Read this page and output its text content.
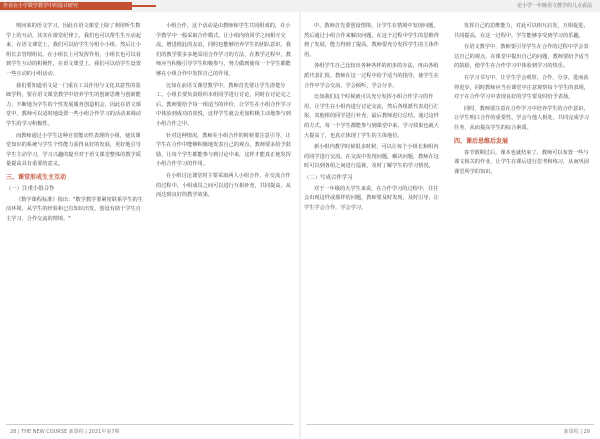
作业在小学数学教学中的设计研究	论小学一年级语文教学的几点看法

则问某的语文学习，因此在语文课堂上除了利用听生数学上的互动，其实在课堂纪律上，我们也可以帮生生互动起来，在语文课堂上，我们可以给学生分组小小组，然后让小组长去管理组员。在小组长上可发挥作用，小组长也可以看到学生互动的积极性，在语文课堂上，我们可以给学生设置一些互动的小组活动。

我们要知道语文是一门重在工具作用与文化其意性的基础学科，要在语文课堂教学中培养学生的创新思维与创新能力，不断地为学生的个性发展服务创造机会，因此在语文课堂中，教师可以适时地设置一些小组合作学习的活动来调动学生的学习积极性。

而教师通过小学生这种自觉能动性表现的小组，使其课堂知识的系统与学生个性能力获得良好的发展，更好地引导学生主动学习，学习兴趣的提升对于语文课堂整体的教学质量提高具有重要的意义。

三、课堂形成生主互动
（一）注重小组合作

《数学课程标准》指出："数学教学要紧密联系学生的生活环境，从学生的经验和已有知识出发，创设有助于学生自主学习、合作交流的情境。"

小组合作，这个活动是由教师和学生共同组成的，在小学教学中一般采取合作模式，让小组内的同学之间相互交流，增进彼此的友谊，同时也能够培养学生的团队意识，我们的教学要多多地采用合作学习的方法，在教学过程中，教师应当积极引导学生积极参与，努力做到使每一个学生都能够在小组合作中发挥自己的作用。

比如在前语文课堂教学中，教师首先要让学生清楚分工，小组长要负责组织本组同学进行讨论，同时在讨论完之后，教师要给予每一组适当的评价，让学生在小组合作学习中体验到成功的喜悦，这样学生就会更加积极主动地参与到小组合作之中。

针对这种情况，教师在小组合作的时候要注意引导，让学生在合作中能够积极地发表自己的观点，教师要多给予鼓励，让每个学生都能参与到讨论中来，这样才能真正地发挥小组合作学习的作用。

在小组讨论课堂时主要采取两人小组合作，在交流合作的过程中，小组成员之间可以进行互相补充，共同提高，从而达到良好的教学效果。

中，教师首先要创设情境，让学生在情境中发现问题，然后通过小组合作来解决问题，在这个过程中学生的思维得到了发展，能力得到了提高，教师要充分发挥学生的主体作用。

各组学生自己比较出各种各样的初步的办法，再由各组派代表汇报，教师在这一过程中给予适当的指导，使学生在合作中学会交流，学会倾听，学会分享。

比如我们这个时候就可以充分发挥小组合作学习的作用，让学生在小组内进行讨论交流，然后各组派代表进行汇报，其他组的同学进行补充，最后教师进行总结。通过这样的方式，每一个学生都能参与到课堂中来，学习效果也就大大提高了，也真正体现了学生的主体地位。

新小组内教学时候很多时候，可以让每个小组长和组内的同学进行交流，在交流中发现问题，解决问题，教师在这时可以到各组之间进行巡视，及时了解学生的学习情况。

（二）写成合作学习

对于一年级的大学生来说，在合作学习的过程中，往往会出现这样或那样的问题，教师要及时发现，及时引导，让学生学会合作，学会学习。

发挥自己的思维能力，对此可以相互启发，互相促进，共同提高，在这一过程中，学生能够享受到学习的乐趣。

在语文教学中，教师要引导学生在合作的过程中学会表达自己的观点，在课堂中提出自己的问题，教师要给予适当的鼓励，使学生在合作学习中体验到学习的快乐。

在学习书写中，让学生学会观察、合作、分享，进而获得进步，同时教师应当在课堂中注意观察每个学生的表现，对于在合作学习中表现良好的学生要及时给予表扬。

同时，教师要注意在合作学习中培养学生的合作意识，让学生明白合作的重要性，学会与他人相处，共同完成学习任务，从而提高学生的综合素质。

四、课后思维后发展

春节假期过后，课本也就结束了，教师可以布置一些与课文相关的作业，让学生在课后进行思考和练习，从而巩固课堂所学的知识。

28 | THE NEW COURSE 新课程 | 2021年第7期	新课程 | 29
